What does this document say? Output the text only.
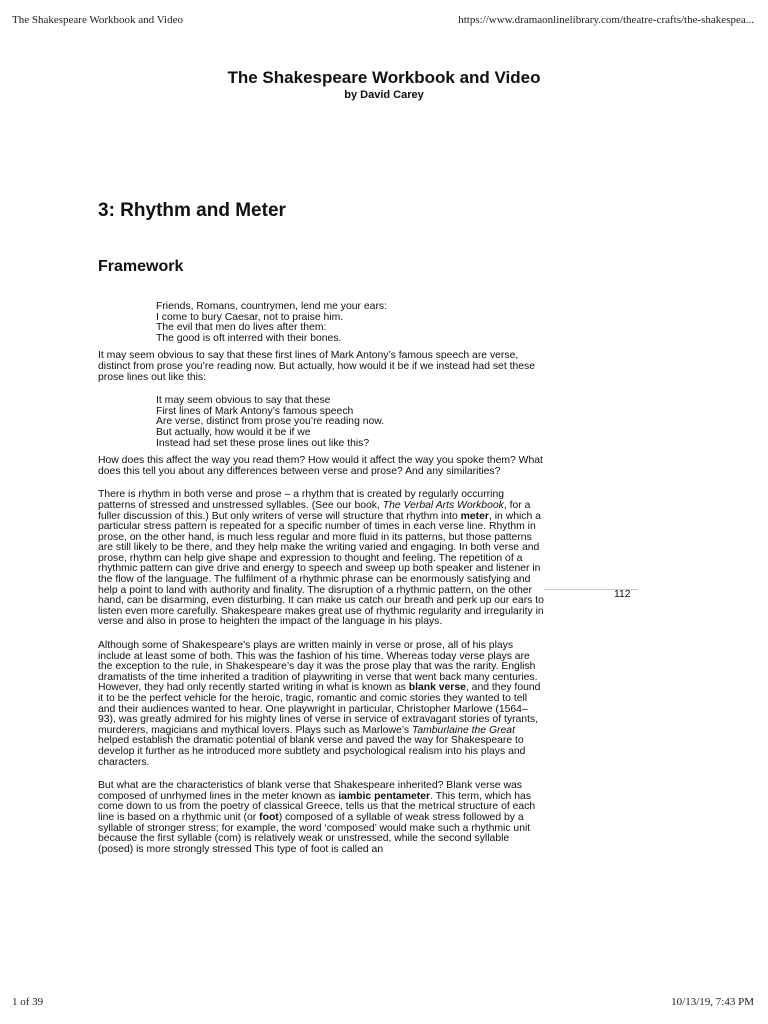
The Shakespeare Workbook and Video	https://www.dramaonlinelibrary.com/theatre-crafts/the-shakespea...
The Shakespeare Workbook and Video
by David Carey
3: Rhythm and Meter
Framework
Friends, Romans, countrymen, lend me your ears:
I come to bury Caesar, not to praise him.
The evil that men do lives after them:
The good is oft interred with their bones.

It may seem obvious to say that these first lines of Mark Antony’s famous speech are verse, distinct from prose you’re reading now. But actually, how would it be if we instead had set these prose lines out like this:

It may seem obvious to say that these
First lines of Mark Antony’s famous speech
Are verse, distinct from prose you’re reading now.
But actually, how would it be if we
Instead had set these prose lines out like this?

How does this affect the way you read them? How would it affect the way you spoke them? What does this tell you about any differences between verse and prose? And any similarities?

There is rhythm in both verse and prose – a rhythm that is created by regularly occurring patterns of stressed and unstressed syllables. (See our book, The Verbal Arts Workbook, for a fuller discussion of this.) But only writers of verse will structure that rhythm into meter, in which a particular stress pattern is repeated for a specific number of times in each verse line. Rhythm in prose, on the other hand, is much less regular and more fluid in its patterns, but those patterns are still likely to be there, and they help make the writing varied and engaging. In both verse and prose, rhythm can help give shape and expression to thought and feeling. The repetition of a rhythmic pattern can give drive and energy to speech and sweep up both speaker and listener in the flow of the language. The fulfilment of a rhythmic phrase can be enormously satisfying and help a point to land with authority and finality. The disruption of a rhythmic pattern, on the other hand, can be disarming, even disturbing. It can make us catch our breath and perk up our ears to listen even more carefully. Shakespeare makes great use of rhythmic regularity and irregularity in verse and also in prose to heighten the impact of the language in his plays.

Although some of Shakespeare’s plays are written mainly in verse or prose, all of his plays include at least some of both. This was the fashion of his time. Whereas today verse plays are the exception to the rule, in Shakespeare’s day it was the prose play that was the rarity. English dramatists of the time inherited a tradition of playwriting in verse that went back many centuries. However, they had only recently started writing in what is known as blank verse, and they found it to be the perfect vehicle for the heroic, tragic, romantic and comic stories they wanted to tell and their audiences wanted to hear. One playwright in particular, Christopher Marlowe (1564–93), was greatly admired for his mighty lines of verse in service of extravagant stories of tyrants, murderers, magicians and mythical lovers. Plays such as Marlowe’s Tamburlaine the Great helped establish the dramatic potential of blank verse and paved the way for Shakespeare to develop it further as he introduced more subtlety and psychological realism into his plays and characters.

But what are the characteristics of blank verse that Shakespeare inherited? Blank verse was composed of unrhymed lines in the meter known as iambic pentameter. This term, which has come down to us from the poetry of classical Greece, tells us that the metrical structure of each line is based on a rhythmic unit (or foot) composed of a syllable of weak stress followed by a syllable of stronger stress; for example, the word ‘composed’ would make such a rhythmic unit because the first syllable (com) is relatively weak or unstressed, while the second syllable (posed) is more strongly stressed This type of foot is called an

112
1 of 39	10/13/19, 7:43 PM
